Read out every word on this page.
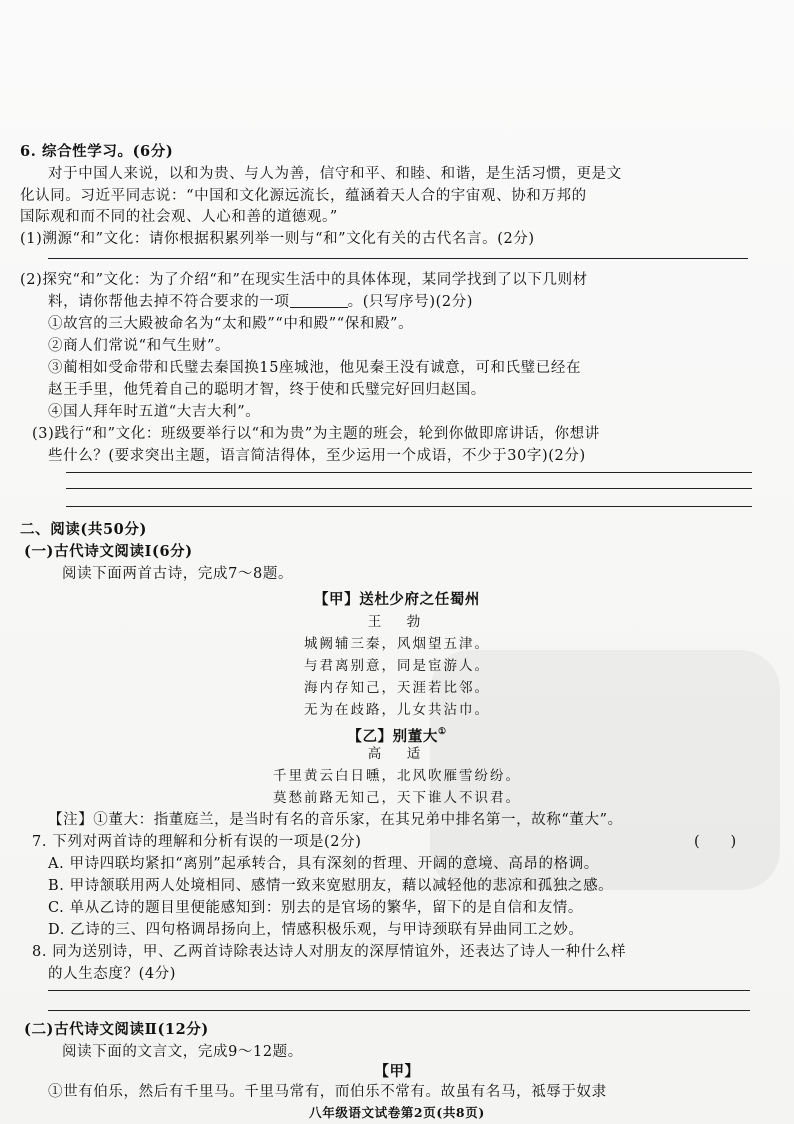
6. 综合性学习。(6分)
对于中国人来说，以和为贵、与人为善，信守和平、和睦、和谐，是生活习惯，更是文
化认同。习近平同志说：“中国和文化源远流长，蕴涵着天人合的宇宙观、协和万邦的
国际观和而不同的社会观、人心和善的道德观。”
(1)溯源“和”文化：请你根据积累列举一则与“和”文化有关的古代名言。(2分)
(2)探究“和”文化：为了介绍“和”在现实生活中的具体体现，某同学找到了以下几则材
料，请你帮他去掉不符合要求的一项	。(只写序号)(2分)
①故宫的三大殿被命名为“太和殿”“中和殿”“保和殿”。
②商人们常说“和气生财”。
③蔺相如受命带和氏璧去秦国换15座城池，他见秦王没有诚意，可和氏璧已经在
赵王手里，他凭着自己的聪明才智，终于使和氏璧完好回归赵国。
④国人拜年时五道“大吉大利”。
(3)践行“和”文化：班级要举行以“和为贵”为主题的班会，轮到你做即席讲话，你想讲
些什么？(要求突出主题，语言简洁得体，至少运用一个成语，不少于30字)(2分)
二、阅读(共50分)
(一)古代诗文阅读Ⅰ(6分)
阅读下面两首古诗，完成7～8题。
【甲】送杜少府之任蜀州
王　勃
城阙辅三秦，风烟望五津。
与君离别意，同是宦游人。
海内存知己，天涯若比邻。
无为在歧路，儿女共沾巾。
【乙】别董大①
高　适
千里黄云白日曛，北风吹雁雪纷纷。
莫愁前路无知己，天下谁人不识君。
【注】①董大：指董庭兰，是当时有名的音乐家，在其兄弟中排名第一，故称“董大”。
7. 下列对两首诗的理解和分析有误的一项是(2分)	(　　)
A. 甲诗四联均紧扣“离别”起承转合，具有深刻的哲理、开阔的意境、高昂的格调。
B. 甲诗颔联用两人处境相同、感情一致来宽慰朋友，藉以减轻他的悲凉和孤独之感。
C. 单从乙诗的题目里便能感知到：别去的是官场的繁华，留下的是自信和友情。
D. 乙诗的三、四句格调昂扬向上，情感积极乐观，与甲诗颈联有异曲同工之妙。
8. 同为送别诗，甲、乙两首诗除表达诗人对朋友的深厚情谊外，还表达了诗人一种什么样
的人生态度？(4分)
(二)古代诗文阅读Ⅱ(12分)
阅读下面的文言文，完成9～12题。
【甲】
①世有伯乐，然后有千里马。千里马常有，而伯乐不常有。故虽有名马，祗辱于奴隶
八年级语文试卷第2页(共8页)
